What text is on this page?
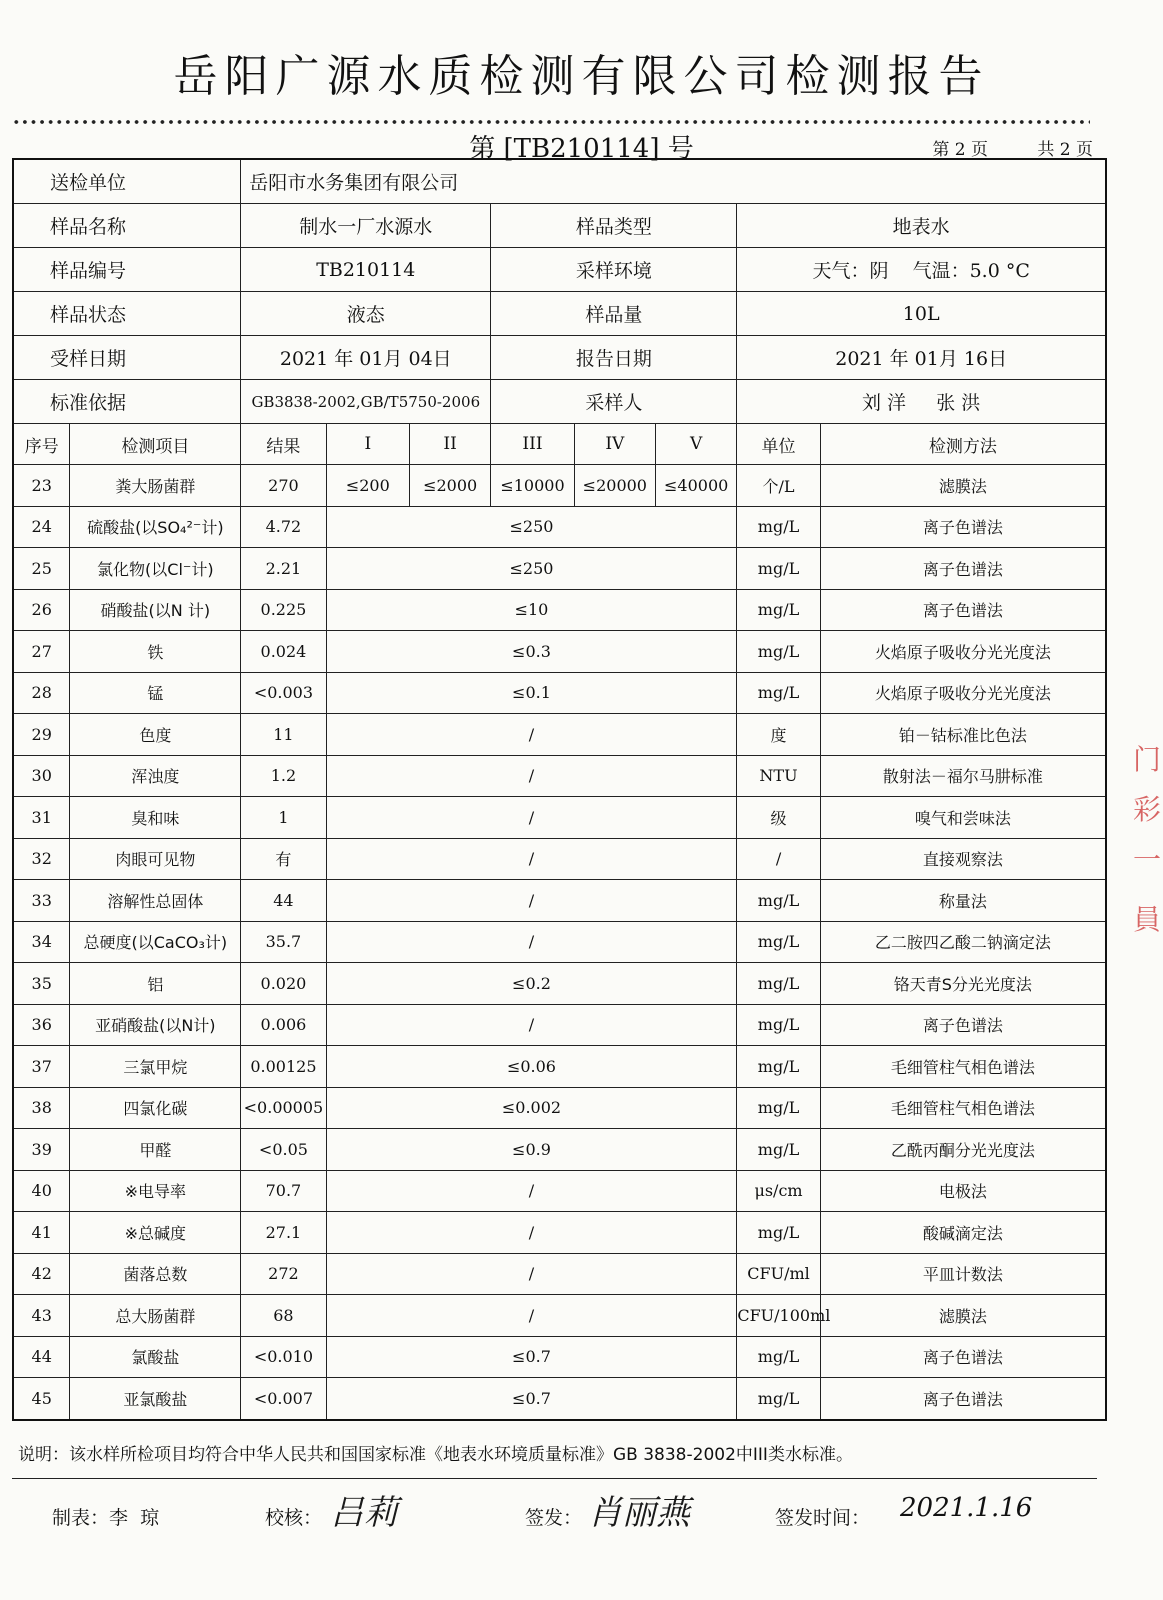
岳阳广源水质检测有限公司检测报告
第 [TB210114] 号	第 2 页	共 2 页
送检单位		岳阳市水务集团有限公司							
样品名称		制水一厂水源水			样品类型			地表水	
样品编号		TB210114			采样环境			天气：阴    气温：5.0 °C	
样品状态		液态			样品量			10L	
受样日期		2021 年 01月 04日			报告日期			2021 年 01月 16日	
标准依据		GB3838-2002,GB/T5750-2006			采样人			刘 洋     张 洪	
序号	检测项目	结果	I	II	III	IV	V	单位	检测方法
23	粪大肠菌群	270	≤200	≤2000	≤10000	≤20000	≤40000	个/L	滤膜法
24	硫酸盐(以SO₄²⁻计)	4.72	≤250					mg/L	离子色谱法
25	氯化物(以Cl⁻计)	2.21	≤250					mg/L	离子色谱法
26	硝酸盐(以N 计)	0.225	≤10					mg/L	离子色谱法
27	铁	0.024	≤0.3					mg/L	火焰原子吸收分光光度法
28	锰	<0.003	≤0.1					mg/L	火焰原子吸收分光光度法
29	色度	11	/					度	铂－钴标准比色法
30	浑浊度	1.2	/					NTU	散射法－福尔马肼标准
31	臭和味	1	/					级	嗅气和尝味法
32	肉眼可见物	有	/					/	直接观察法
33	溶解性总固体	44	/					mg/L	称量法
34	总硬度(以CaCO₃计)	35.7	/					mg/L	乙二胺四乙酸二钠滴定法
35	铝	0.020	≤0.2					mg/L	铬天青S分光光度法
36	亚硝酸盐(以N计)	0.006	/					mg/L	离子色谱法
37	三氯甲烷	0.00125	≤0.06					mg/L	毛细管柱气相色谱法
38	四氯化碳	<0.00005	≤0.002					mg/L	毛细管柱气相色谱法
39	甲醛	<0.05	≤0.9					mg/L	乙酰丙酮分光光度法
40	※电导率	70.7	/					μs/cm	电极法
41	※总碱度	27.1	/					mg/L	酸碱滴定法
42	菌落总数	272	/					CFU/ml	平皿计数法
43	总大肠菌群	68	/					CFU/100ml	滤膜法
44	氯酸盐	<0.010	≤0.7					mg/L	离子色谱法
45	亚氯酸盐	<0.007	≤0.7					mg/L	离子色谱法
说明：该水样所检项目均符合中华人民共和国国家标准《地表水环境质量标准》GB 3838-2002中III类水标准。
制表：李  琼	校核： 吕莉	签发： 肖丽燕	签发时间： 2021.1.16
门
彩
一
員
